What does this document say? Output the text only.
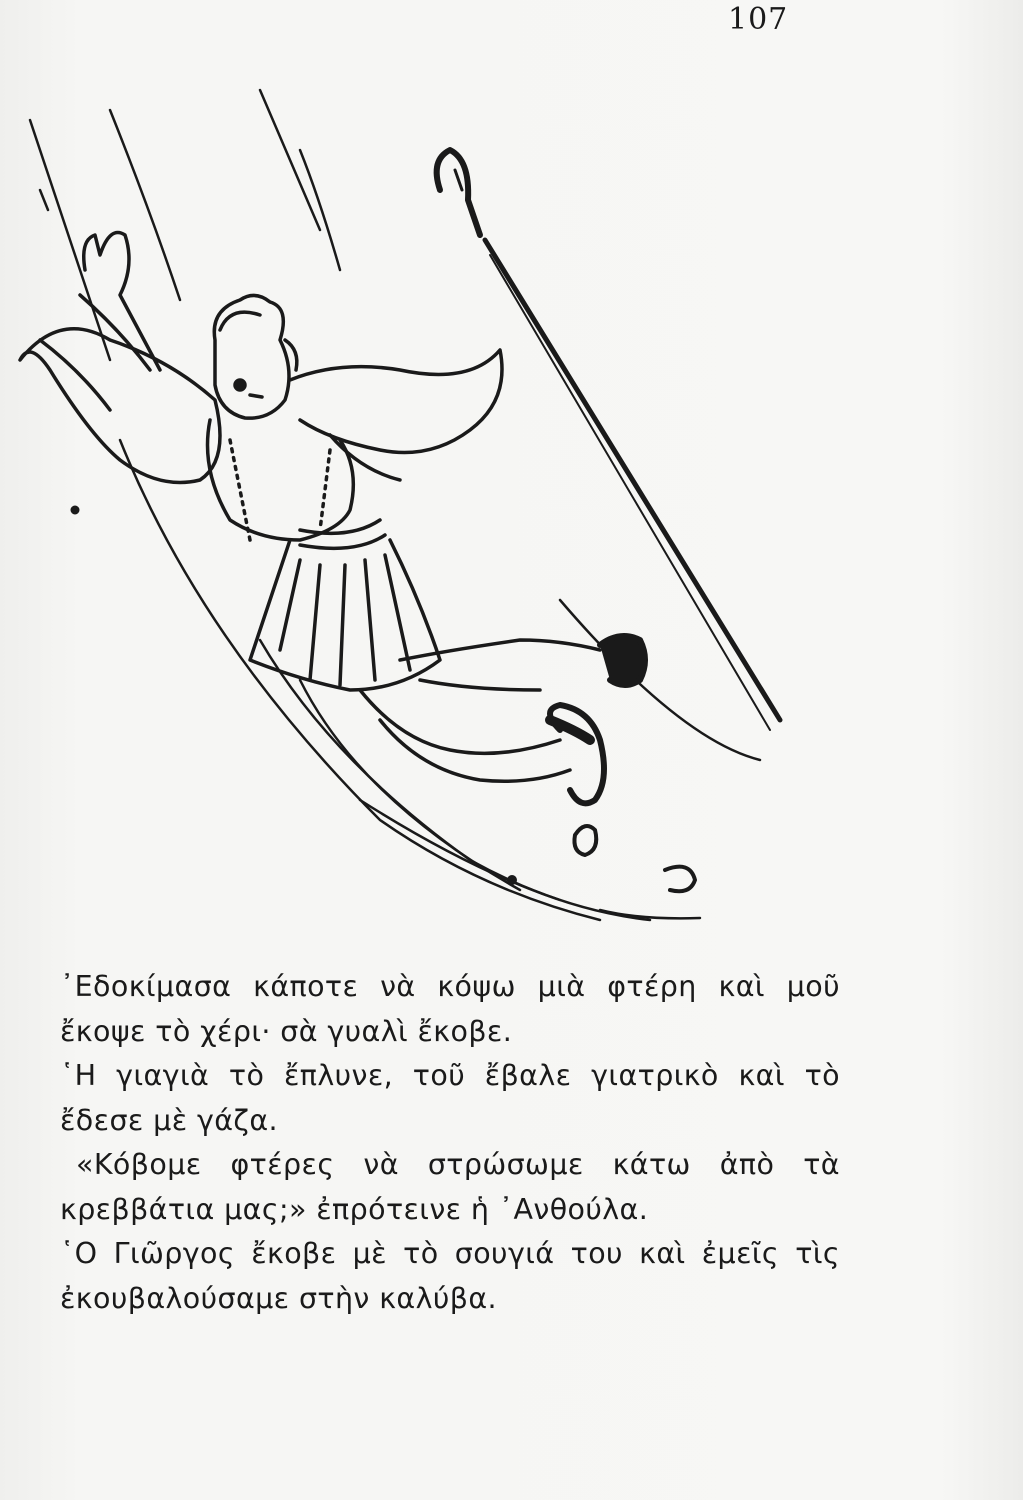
107

᾽Εδοκίμασα κάποτε νὰ κόψω μιὰ φτέρη καὶ μοῦ ἔκοψε τὸ χέρι· σὰ γυαλὶ ἔκοβε.

῾Η γιαγιὰ τὸ ἔπλυνε, τοῦ ἔβαλε γιατρικὸ καὶ τὸ ἔδεσε μὲ γάζα.

«Κόβομε φτέρες νὰ στρώσωμε κάτω ἀπὸ τὰ κρεββάτια μας;» ἐπρότεινε ἡ ᾽Ανθούλα.

῾Ο Γιῶργος ἔκοβε μὲ τὸ σουγιά του καὶ ἐμεῖς τὶς ἐκουβαλούσαμε στὴν καλύβα.
